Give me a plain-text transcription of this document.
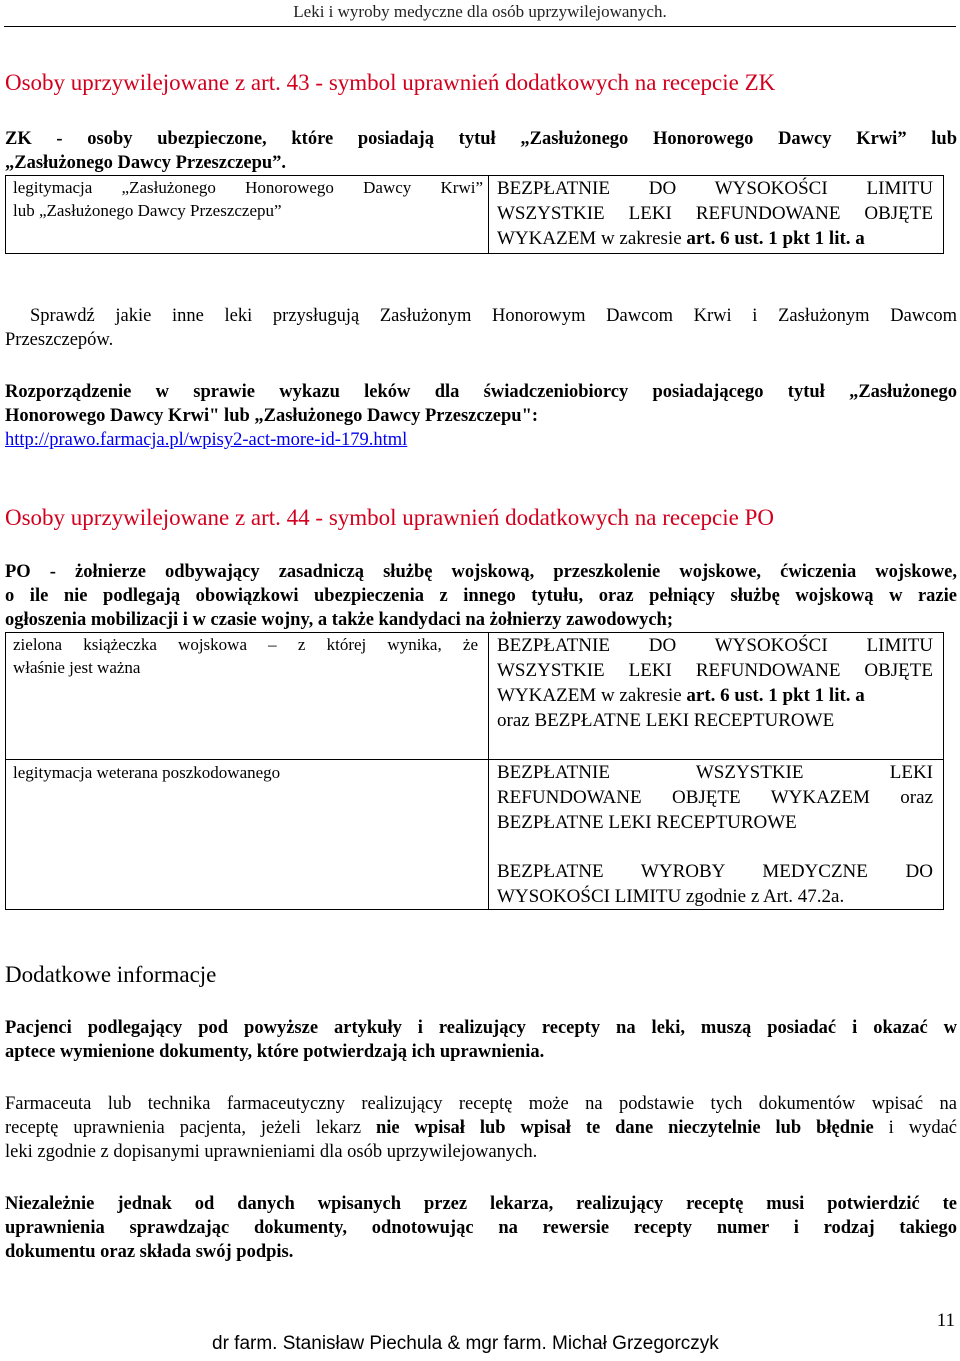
Leki i wyroby medyczne dla osób uprzywilejowanych.
Osoby uprzywilejowane z art. 43 - symbol uprawnień dodatkowych na recepcie ZK
ZK - osoby ubezpieczone, które posiadają tytuł „Zasłużonego Honorowego Dawcy Krwi” lub
„Zasłużonego Dawcy Przeszczepu”.
legitymacja „Zasłużonego Honorowego Dawcy Krwi”
lub „Zasłużonego Dawcy Przeszczepu”
BEZPŁATNIE DO WYSOKOŚCI LIMITU
WSZYSTKIE LEKI REFUNDOWANE OBJĘTE
WYKAZEM w zakresie art. 6 ust. 1 pkt 1 lit. a
Sprawdź jakie inne leki przysługują Zasłużonym Honorowym Dawcom Krwi i Zasłużonym Dawcom
Przeszczepów.
Rozporządzenie w sprawie wykazu leków dla świadczeniobiorcy posiadającego tytuł „Zasłużonego
Honorowego Dawcy Krwi" lub „Zasłużonego Dawcy Przeszczepu":
http://prawo.farmacja.pl/wpisy2-act-more-id-179.html
Osoby uprzywilejowane z art. 44 - symbol uprawnień dodatkowych na recepcie PO
PO - żołnierze odbywający zasadniczą służbę wojskową, przeszkolenie wojskowe, ćwiczenia wojskowe,
o ile nie podlegają obowiązkowi ubezpieczenia z innego tytułu, oraz pełniący służbę wojskową w razie
ogłoszenia mobilizacji i w czasie wojny, a także kandydaci na żołnierzy zawodowych;
zielona książeczka wojskowa – z której wynika, że
właśnie jest ważna
BEZPŁATNIE DO WYSOKOŚCI LIMITU
WSZYSTKIE LEKI REFUNDOWANE OBJĘTE
WYKAZEM w zakresie art. 6 ust. 1 pkt 1 lit. a
oraz BEZPŁATNE LEKI RECEPTUROWE
legitymacja weterana poszkodowanego	BEZPŁATNIE WSZYSTKIE LEKI
REFUNDOWANE OBJĘTE WYKAZEM oraz
BEZPŁATNE LEKI RECEPTUROWE
BEZPŁATNE WYROBY MEDYCZNE DO
WYSOKOŚCI LIMITU zgodnie z Art. 47.2a.
Dodatkowe informacje
Pacjenci podlegający pod powyższe artykuły i realizujący recepty na leki, muszą posiadać i okazać w
aptece wymienione dokumenty, które potwierdzają ich uprawnienia.
Farmaceuta lub technika farmaceutyczny realizujący receptę może na podstawie tych dokumentów wpisać na
receptę uprawnienia pacjenta, jeżeli lekarz nie wpisał lub wpisał te dane nieczytelnie lub błędnie i wydać
leki zgodnie z dopisanymi uprawnieniami dla osób uprzywilejowanych.
Niezależnie jednak od danych wpisanych przez lekarza, realizujący receptę musi potwierdzić te
uprawnienia sprawdzając dokumenty, odnotowując na rewersie recepty numer i rodzaj takiego
dokumentu oraz składa swój podpis.
11
dr farm. Stanisław Piechula & mgr farm. Michał Grzegorczyk
